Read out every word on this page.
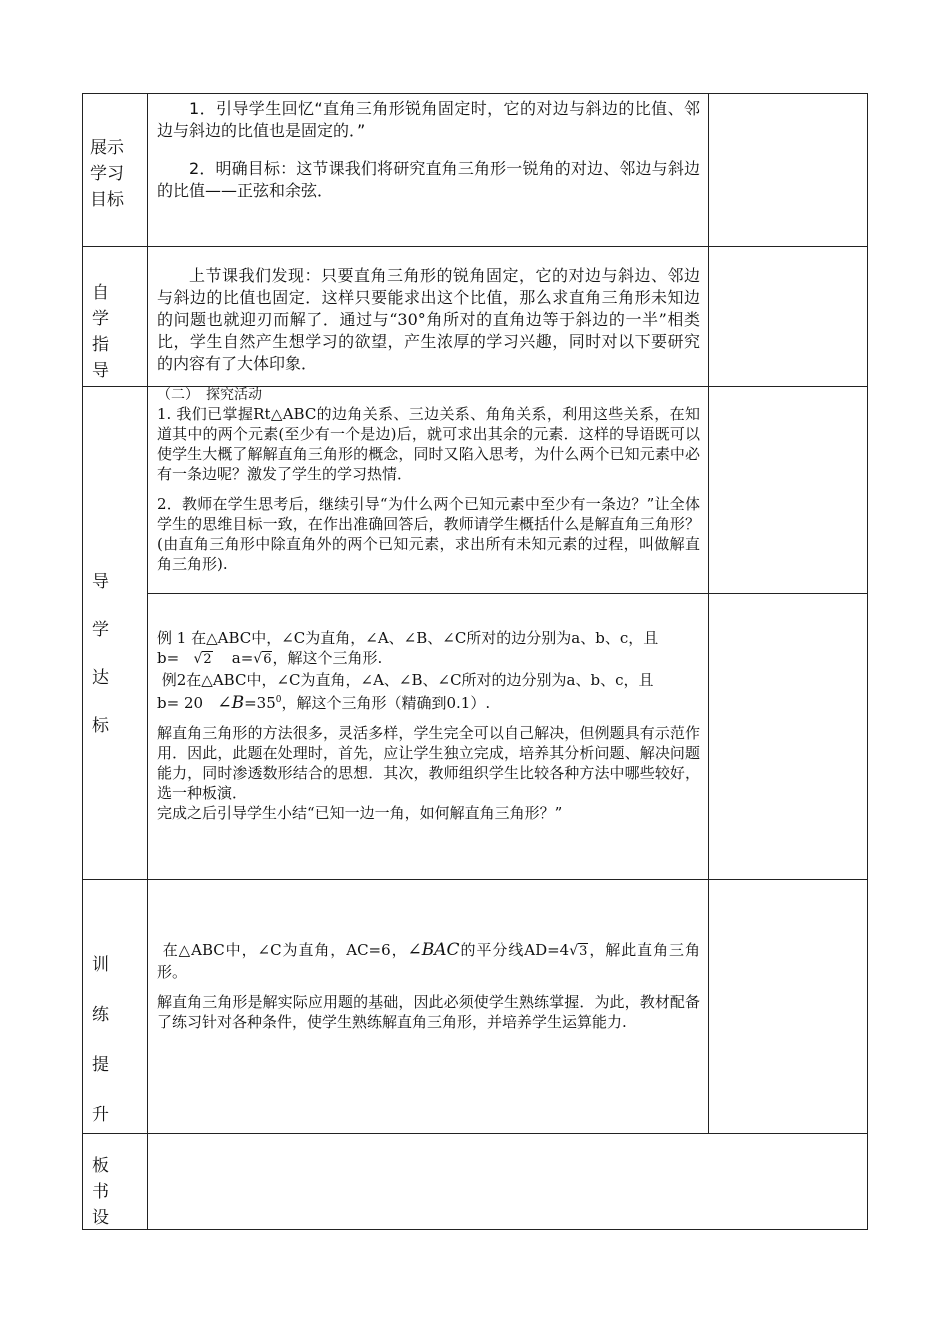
展示
学习
目标

1．引导学生回忆“直角三角形锐角固定时，它的对边与斜边的比值、邻边与斜边的比值也是固定的．”

2．明确目标：这节课我们将研究直角三角形一锐角的对边、邻边与斜边的比值——正弦和余弦．

自
学
指
导

上节课我们发现：只要直角三角形的锐角固定，它的对边与斜边、邻边与斜边的比值也固定．这样只要能求出这个比值，那么求直角三角形未知边的问题也就迎刃而解了．通过与“30°角所对的直角边等于斜边的一半”相类比，学生自然产生想学习的欲望，产生浓厚的学习兴趣，同时对以下要研究的内容有了大体印象．

导
学
达
标

（二）　探究活动

1. 我们已掌握Rt△ABC的边角关系、三边关系、角角关系，利用这些关系，在知道其中的两个元素(至少有一个是边)后，就可求出其余的元素．这样的导语既可以使学生大概了解解直角三角形的概念，同时又陷入思考，为什么两个已知元素中必有一条边呢？激发了学生的学习热情．

2．教师在学生思考后，继续引导“为什么两个已知元素中至少有一条边？”让全体学生的思维目标一致，在作出准确回答后，教师请学生概括什么是解直角三角形？(由直角三角形中除直角外的两个已知元素，求出所有未知元素的过程，叫做解直角三角形).

例 1 在△ABC中，∠C为直角，∠A、∠B、∠C所对的边分别为a、b、c，且

b= √2 a=√6，解这个三角形.

例2在△ABC中，∠C为直角，∠A、∠B、∠C所对的边分别为a、b、c，且

b= 20 $\angle B=35^0$，解这个三角形（精确到0.1）.

解直角三角形的方法很多，灵活多样，学生完全可以自己解决，但例题具有示范作用．因此，此题在处理时，首先，应让学生独立完成，培养其分析问题、解决问题能力，同时渗透数形结合的思想．其次，教师组织学生比较各种方法中哪些较好，选一种板演．

完成之后引导学生小结“已知一边一角，如何解直角三角形？”

训
练
提
升

在△ABC中，∠C为直角，AC=6，∠BAC的平分线AD=4√3，解此直角三角形。

解直角三角形是解实际应用题的基础，因此必须使学生熟练掌握．为此，教材配备了练习针对各种条件，使学生熟练解直角三角形，并培养学生运算能力.

板
书
设
